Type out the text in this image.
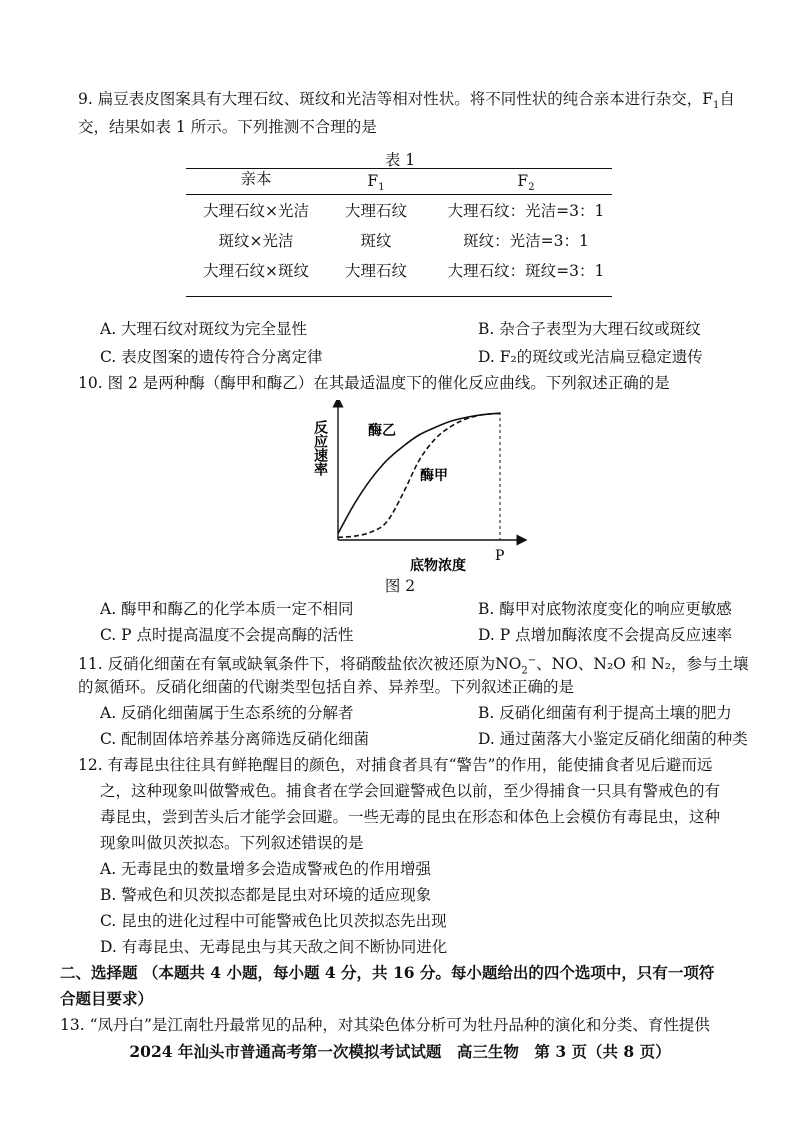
9. 扁豆表皮图案具有大理石纹、斑纹和光洁等相对性状。将不同性状的纯合亲本进行杂交，$F_1$自
交，结果如表 1 所示。下列推测不合理的是
表 1
亲本	$F_1$	$F_2$
大理石纹×光洁	大理石纹	大理石纹：光洁=3：1
斑纹×光洁	斑纹	斑纹：光洁=3：1
大理石纹×斑纹	大理石纹	大理石纹：斑纹=3：1
A. 大理石纹对斑纹为完全显性	B. 杂合子表型为大理石纹或斑纹
C. 表皮图案的遗传符合分离定律	D. F₂的斑纹或光洁扁豆稳定遗传
10. 图 2 是两种酶（酶甲和酶乙）在其最适温度下的催化反应曲线。下列叙述正确的是
反应速率
底物浓度
P
酶乙
酶甲
图 2
A. 酶甲和酶乙的化学本质一定不相同	B. 酶甲对底物浓度变化的响应更敏感
C. P 点时提高温度不会提高酶的活性	D. P 点增加酶浓度不会提高反应速率
11. 反硝化细菌在有氧或缺氧条件下，将硝酸盐依次被还原为$NO_2^-$、NO、N₂O 和 N₂，参与土壤
的氮循环。反硝化细菌的代谢类型包括自养、异养型。下列叙述正确的是
A. 反硝化细菌属于生态系统的分解者	B. 反硝化细菌有利于提高土壤的肥力
C. 配制固体培养基分离筛选反硝化细菌	D. 通过菌落大小鉴定反硝化细菌的种类
12. 有毒昆虫往往具有鲜艳醒目的颜色，对捕食者具有“警告”的作用，能使捕食者见后避而远
之，这种现象叫做警戒色。捕食者在学会回避警戒色以前，至少得捕食一只具有警戒色的有
毒昆虫，尝到苦头后才能学会回避。一些无毒的昆虫在形态和体色上会模仿有毒昆虫，这种
现象叫做贝茨拟态。下列叙述错误的是
A. 无毒昆虫的数量增多会造成警戒色的作用增强
B. 警戒色和贝茨拟态都是昆虫对环境的适应现象
C. 昆虫的进化过程中可能警戒色比贝茨拟态先出现
D. 有毒昆虫、无毒昆虫与其天敌之间不断协同进化
二、选择题 （本题共 4 小题，每小题 4 分，共 16 分。每小题给出的四个选项中，只有一项符
合题目要求）
13. “凤丹白”是江南牡丹最常见的品种，对其染色体分析可为牡丹品种的演化和分类、育性提供
2024 年汕头市普通高考第一次模拟考试试题　高三生物　第 3 页（共 8 页）
